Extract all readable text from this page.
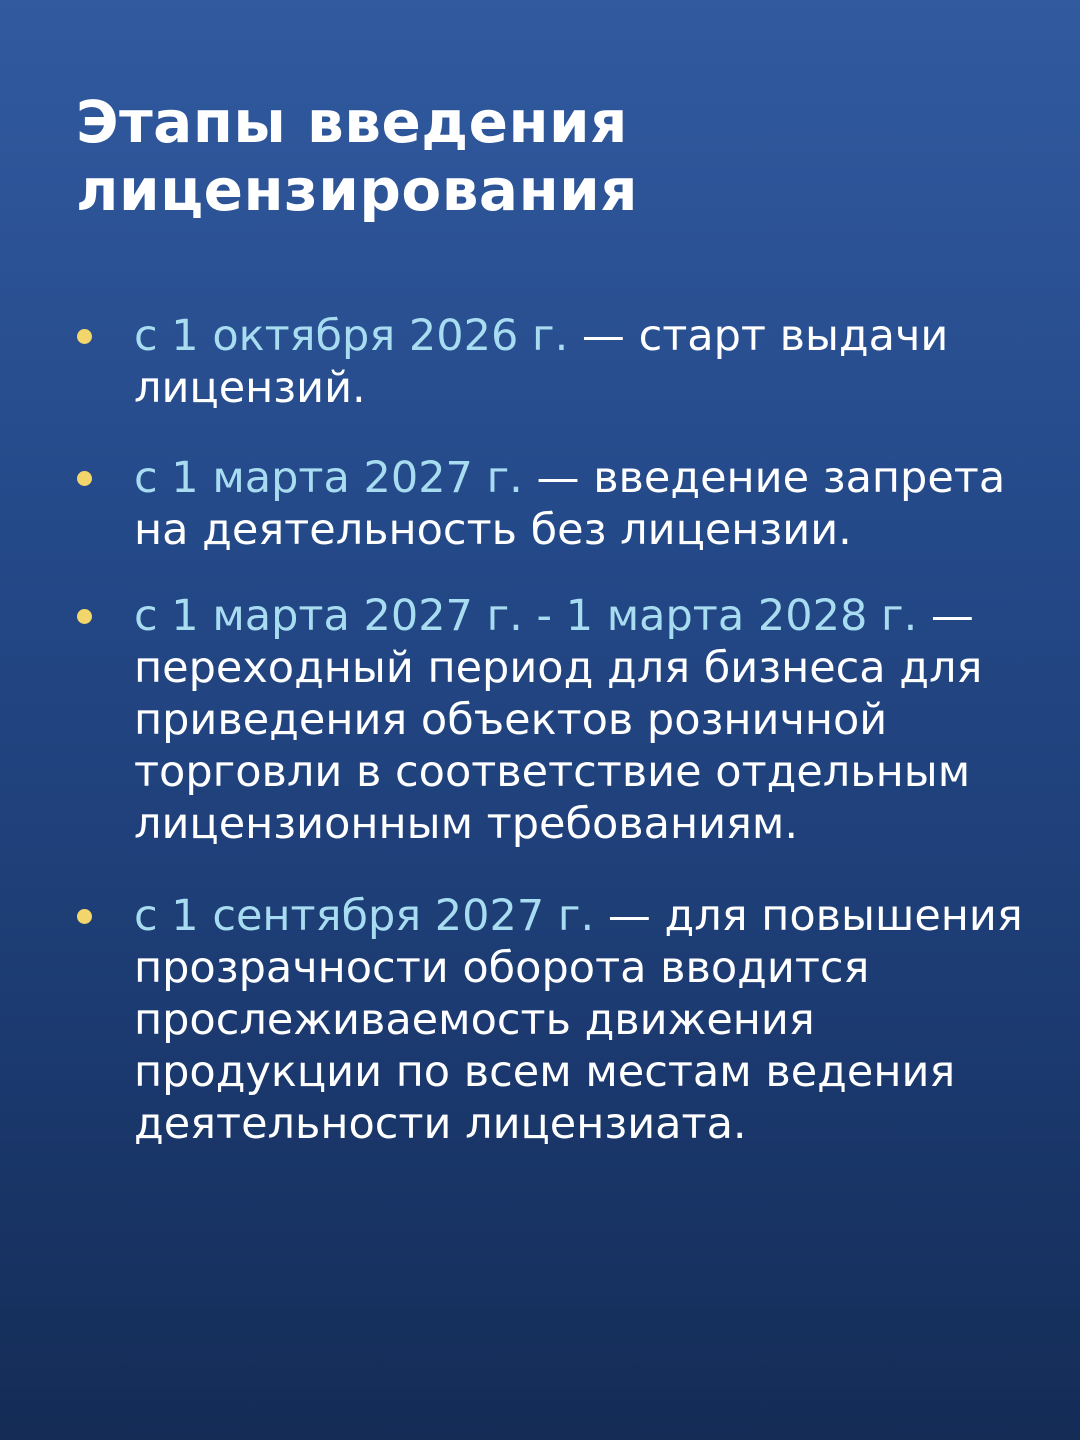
Этапы введения
лицензирования
с 1 октября 2026 г. — старт выдачи лицензий.
с 1 марта 2027 г. — введение запрета на деятельность без лицензии.
с 1 марта 2027 г. - 1 марта 2028 г. — переходный период для бизнеса для приведения объектов розничной торговли в соответствие отдельным лицензионным требованиям.
с 1 сентября 2027 г. — для повышения прозрачности оборота вводится прослеживаемость движения продукции по всем местам ведения деятельности лицензиата.
